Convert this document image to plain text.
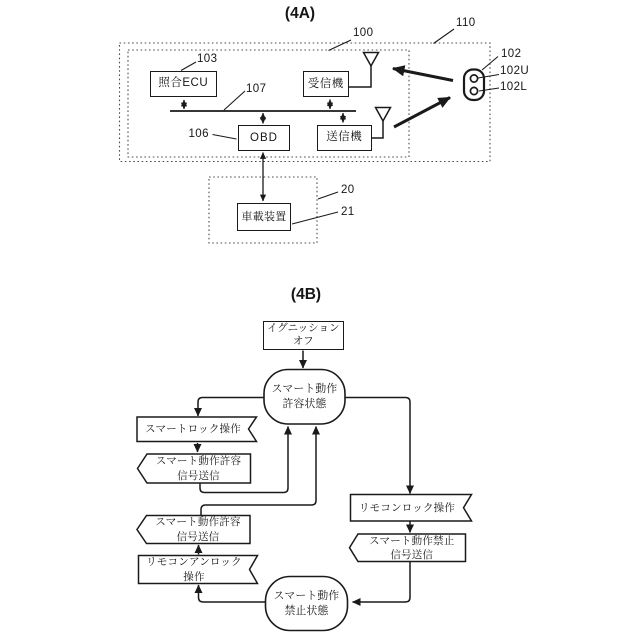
(4A)
照合ECU	受信機
OBD	送信機
車載装置
100
110
103
107
106
102
102U
102L
20
21
(4B)
イグニッション
オフ
スマート動作
許容状態
スマート動作
禁止状態
スマートロック操作
スマート動作許容
信号送信
スマート動作許容
信号送信
リモコンアンロック
操作
リモコンロック操作
スマート動作禁止
信号送信
